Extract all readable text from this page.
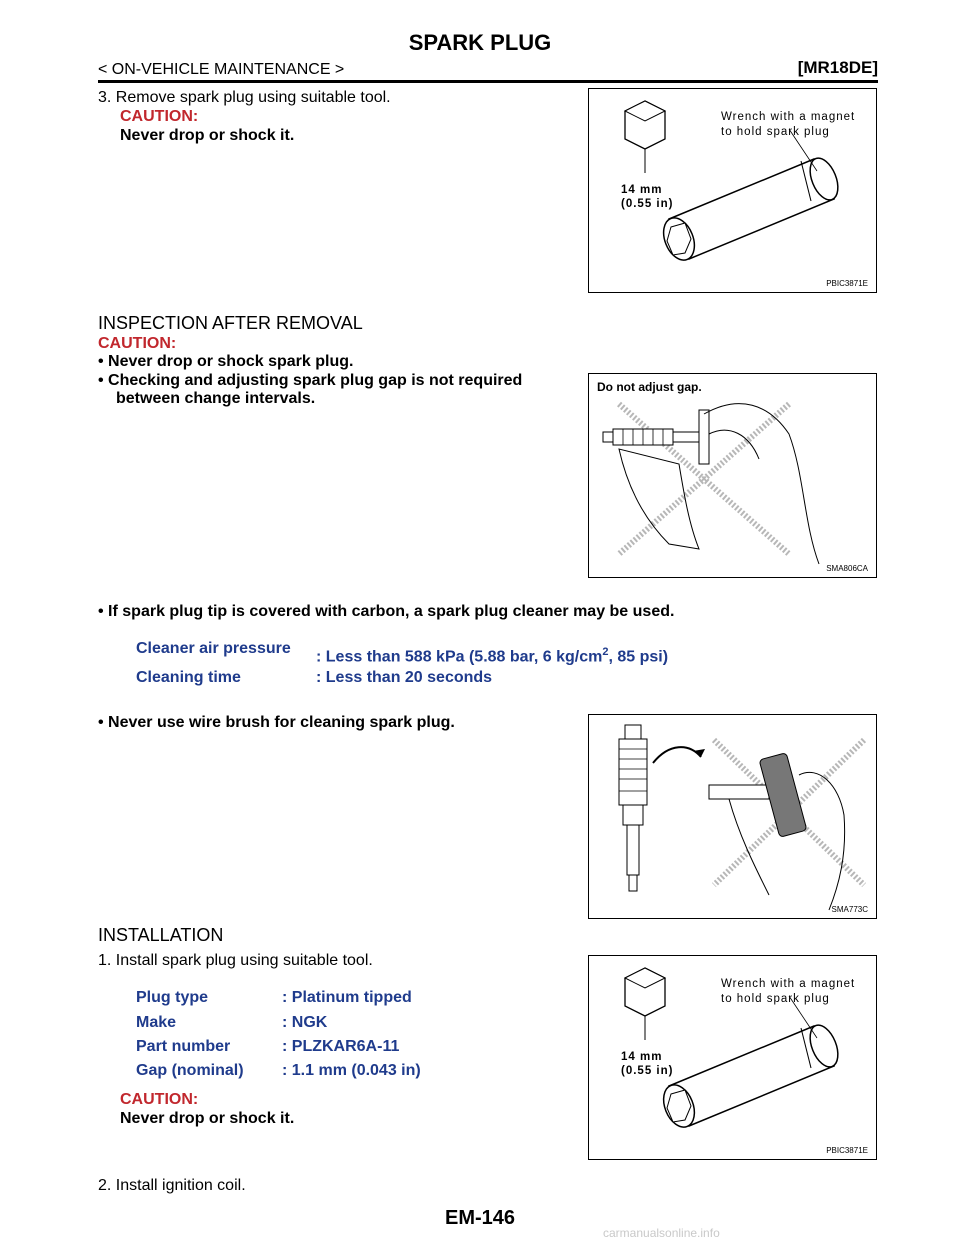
SPARK PLUG
< ON-VEHICLE MAINTENANCE >	[MR18DE]
3. Remove spark plug using suitable tool.
CAUTION:
Never drop or shock it.
Wrench with a magnet
to hold spark plug
14 mm
(0.55 in)
PBIC3871E
INSPECTION AFTER REMOVAL
CAUTION:
• Never drop or shock spark plug.
• Checking and adjusting spark plug gap is not required
between change intervals.
Do not adjust gap.
SMA806CA
• If spark plug tip is covered with carbon, a spark plug cleaner may be used.
Cleaner air pressure : Less than 588 kPa (5.88 bar, 6 $kg/cm^2$, 85 psi)
Cleaning time	: Less than 20 seconds
• Never use wire brush for cleaning spark plug.
SMA773C
INSTALLATION
1. Install spark plug using suitable tool.
Plug type	: Platinum tipped
Make	: NGK
Part number	: PLZKAR6A-11
Gap (nominal) : 1.1 mm (0.043 in)
CAUTION:
Never drop or shock it.
2. Install ignition coil.
Wrench with a magnet
to hold spark plug
14 mm
(0.55 in)
PBIC3871E
EM-146
carmanualsonline.info
